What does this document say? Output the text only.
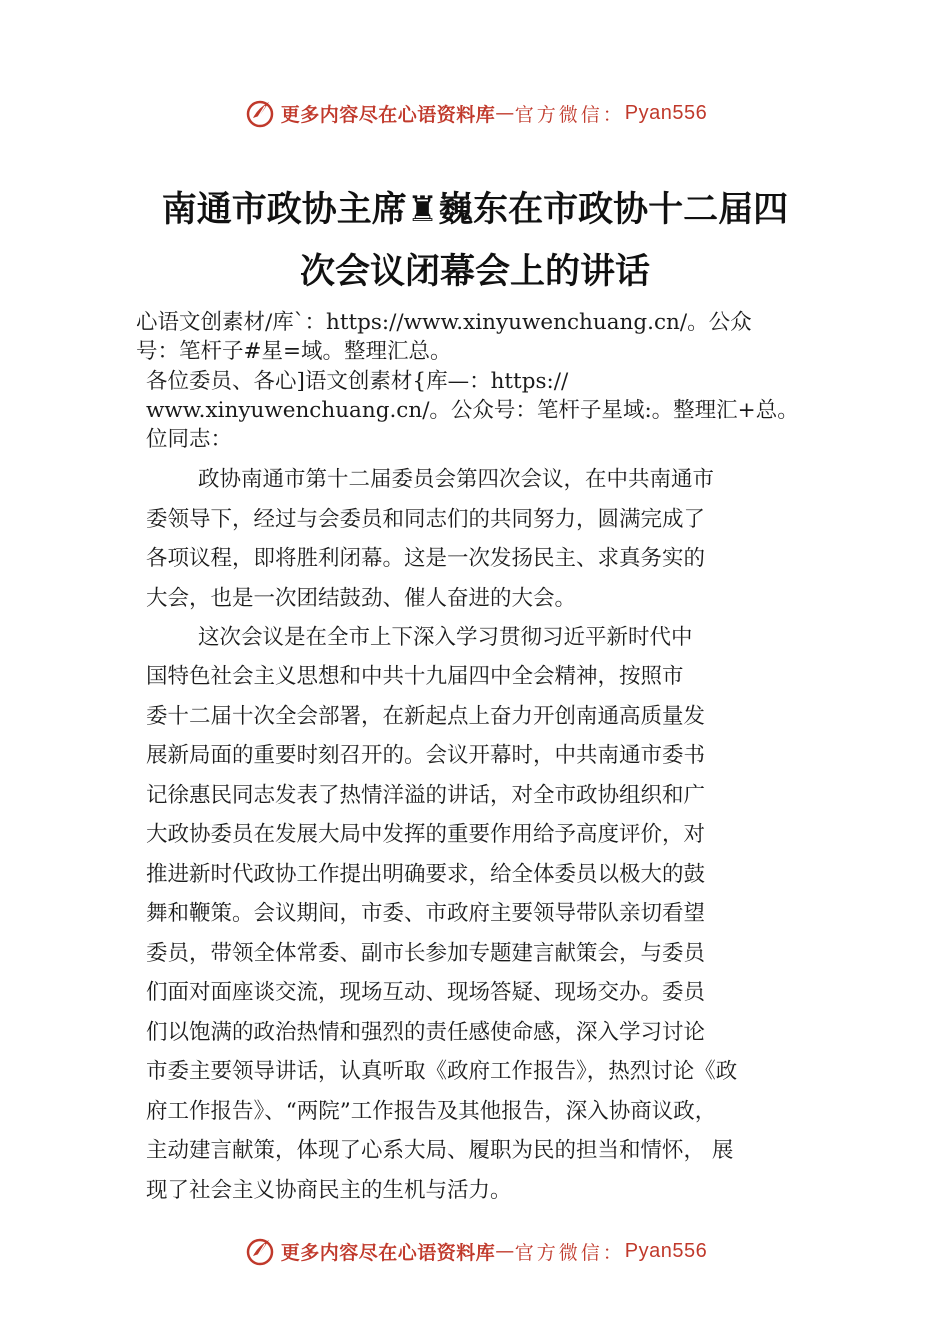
更多内容尽在心语资料库 — 官方微信： Pyan556
南通市政协主席♜巍东在市政协十二届四
次会议闭幕会上的讲话
心语文创素材/库`：https://www.xinyuwenchuang.cn/。公众
号：笔杆子#星=域。整理汇总。
各位委员、各心]语文创素材{库—：https://
www.xinyuwenchuang.cn/。公众号：笔杆子星域:。整理汇+总。
位同志：
政协南通市第十二届委员会第四次会议，在中共南通市
委领导下，经过与会委员和同志们的共同努力，圆满完成了
各项议程，即将胜利闭幕。这是一次发扬民主、求真务实的
大会，也是一次团结鼓劲、催人奋进的大会。
这次会议是在全市上下深入学习贯彻习近平新时代中
国特色社会主义思想和中共十九届四中全会精神，按照市
委十二届十次全会部署，在新起点上奋力开创南通高质量发
展新局面的重要时刻召开的。会议开幕时，中共南通市委书
记徐惠民同志发表了热情洋溢的讲话，对全市政协组织和广
大政协委员在发展大局中发挥的重要作用给予高度评价，对
推进新时代政协工作提出明确要求，给全体委员以极大的鼓
舞和鞭策。会议期间，市委、市政府主要领导带队亲切看望
委员，带领全体常委、副市长参加专题建言献策会，与委员
们面对面座谈交流，现场互动、现场答疑、现场交办。委员
们以饱满的政治热情和强烈的责任感使命感，深入学习讨论
市委主要领导讲话，认真听取《政府工作报告》，热烈讨论《政
府工作报告》、“两院”工作报告及其他报告，深入协商议政，
主动建言献策，体现了心系大局、履职为民的担当和情怀， 展
现了社会主义协商民主的生机与活力。
更多内容尽在心语资料库 — 官方微信： Pyan556
